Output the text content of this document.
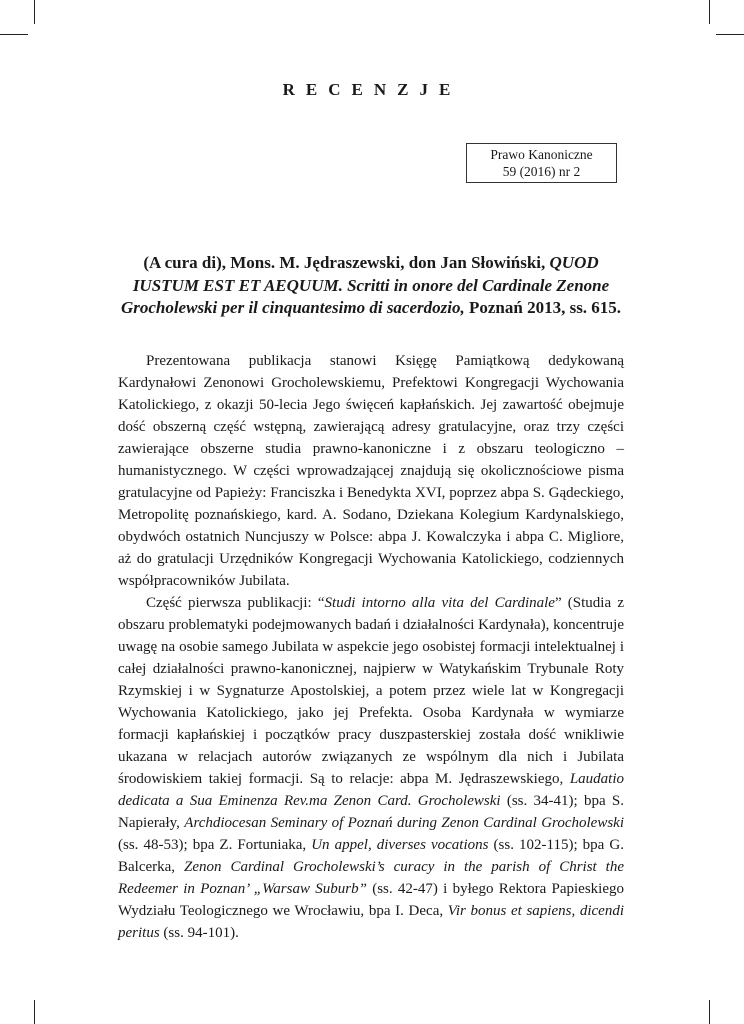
RECENZJE
Prawo Kanoniczne
59 (2016) nr 2
(A cura di), Mons. M. Jędraszewski, don Jan Słowiński, QUOD IUSTUM EST ET AEQUUM. Scritti in onore del Cardinale Zenone Grocholewski per il cinquantesimo di sacerdozio, Poznań 2013, ss. 615.

Prezentowana publikacja stanowi Księgę Pamiątkową dedykowaną Kardynałowi Zenonowi Grocholewskiemu, Prefektowi Kongregacji Wychowania Katolickiego, z okazji 50-lecia Jego święceń kapłańskich. Jej zawartość obejmuje dość obszerną część wstępną, zawierającą adresy gratulacyjne, oraz trzy części zawierające obszerne studia prawno-kanoniczne i z obszaru teologiczno – humanistycznego. W części wprowadzającej znajdują się okolicznościowe pisma gratulacyjne od Papieży: Franciszka i Benedykta XVI, poprzez abpa S. Gądeckiego, Metropolitę poznańskiego, kard. A. Sodano, Dziekana Kolegium Kardynalskiego, obydwóch ostatnich Nuncjuszy w Polsce: abpa J. Kowalczyka i abpa C. Migliore, aż do gratulacji Urzędników Kongregacji Wychowania Katolickiego, codziennych współpracowników Jubilata.

Część pierwsza publikacji: “Studi intorno alla vita del Cardinale” (Studia z obszaru problematyki podejmowanych badań i działalności Kardynała), koncentruje uwagę na osobie samego Jubilata w aspekcie jego osobistej formacji intelektualnej i całej działalności prawno-kanonicznej, najpierw w Watykańskim Trybunale Roty Rzymskiej i w Sygnaturze Apostolskiej, a potem przez wiele lat w Kongregacji Wychowania Katolickiego, jako jej Prefekta. Osoba Kardynała w wymiarze formacji kapłańskiej i początków pracy duszpasterskiej została dość wnikliwie ukazana w relacjach autorów związanych ze wspólnym dla nich i Jubilata środowiskiem takiej formacji. Są to relacje: abpa M. Jędraszewskiego, Laudatio dedicata a Sua Eminenza Rev.ma Zenon Card. Grocholewski (ss. 34-41); bpa S. Napierały, Archdiocesan Seminary of Poznań during Zenon Cardinal Grocholewski (ss. 48-53); bpa Z. Fortuniaka, Un appel, diverses vocations (ss. 102-115); bpa G. Balcerka, Zenon Cardinal Grocholewski’s curacy in the parish of Christ the Redeemer in Poznan’ „Warsaw Suburb” (ss. 42-47) i byłego Rektora Papieskiego Wydziału Teologicznego we Wrocławiu, bpa I. Deca, Vir bonus et sapiens, dicendi peritus (ss. 94-101).
